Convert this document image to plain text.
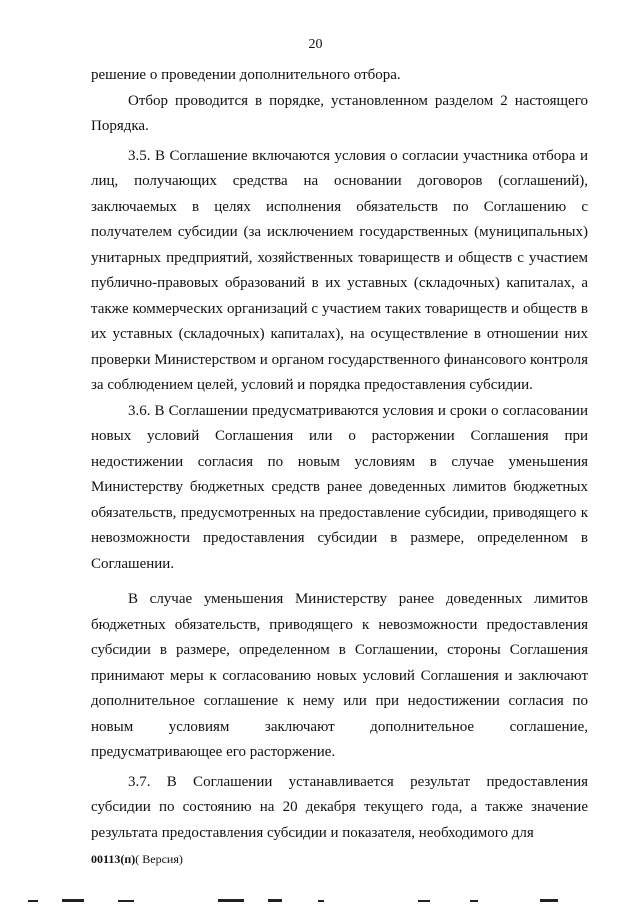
20

решение о проведении дополнительного отбора.

Отбор проводится в порядке, установленном разделом 2 настоящего Порядка.

3.5. В Соглашение включаются условия о согласии участника отбора и лиц, получающих средства на основании договоров (соглашений), заключаемых в целях исполнения обязательств по Соглашению с получателем субсидии (за исключением государственных (муниципальных) унитарных предприятий, хозяйственных товариществ и обществ с участием публично-правовых образований в их уставных (складочных) капиталах, а также коммерческих организаций с участием таких товариществ и обществ в их уставных (складочных) капиталах), на осуществление в отношении них проверки Министерством и органом государственного финансового контроля за соблюдением целей, условий и порядка предоставления субсидии.

3.6. В Соглашении предусматриваются условия и сроки о согласовании новых условий Соглашения или о расторжении Соглашения при недостижении согласия по новым условиям в случае уменьшения Министерству бюджетных средств ранее доведенных лимитов бюджетных обязательств, предусмотренных на предоставление субсидии, приводящего к невозможности предоставления субсидии в размере, определенном в Соглашении.

В случае уменьшения Министерству ранее доведенных лимитов бюджетных обязательств, приводящего к невозможности предоставления субсидии в размере, определенном в Соглашении, стороны Соглашения принимают меры к согласованию новых условий Соглашения и заключают дополнительное соглашение к нему или при недостижении согласия по новым условиям заключают дополнительное соглашение, предусматривающее его расторжение.

3.7. В Соглашении устанавливается результат предоставления субсидии по состоянию на 20 декабря текущего года, а также значение результата предоставления субсидии и показателя, необходимого для

00113(п)( Версия)
